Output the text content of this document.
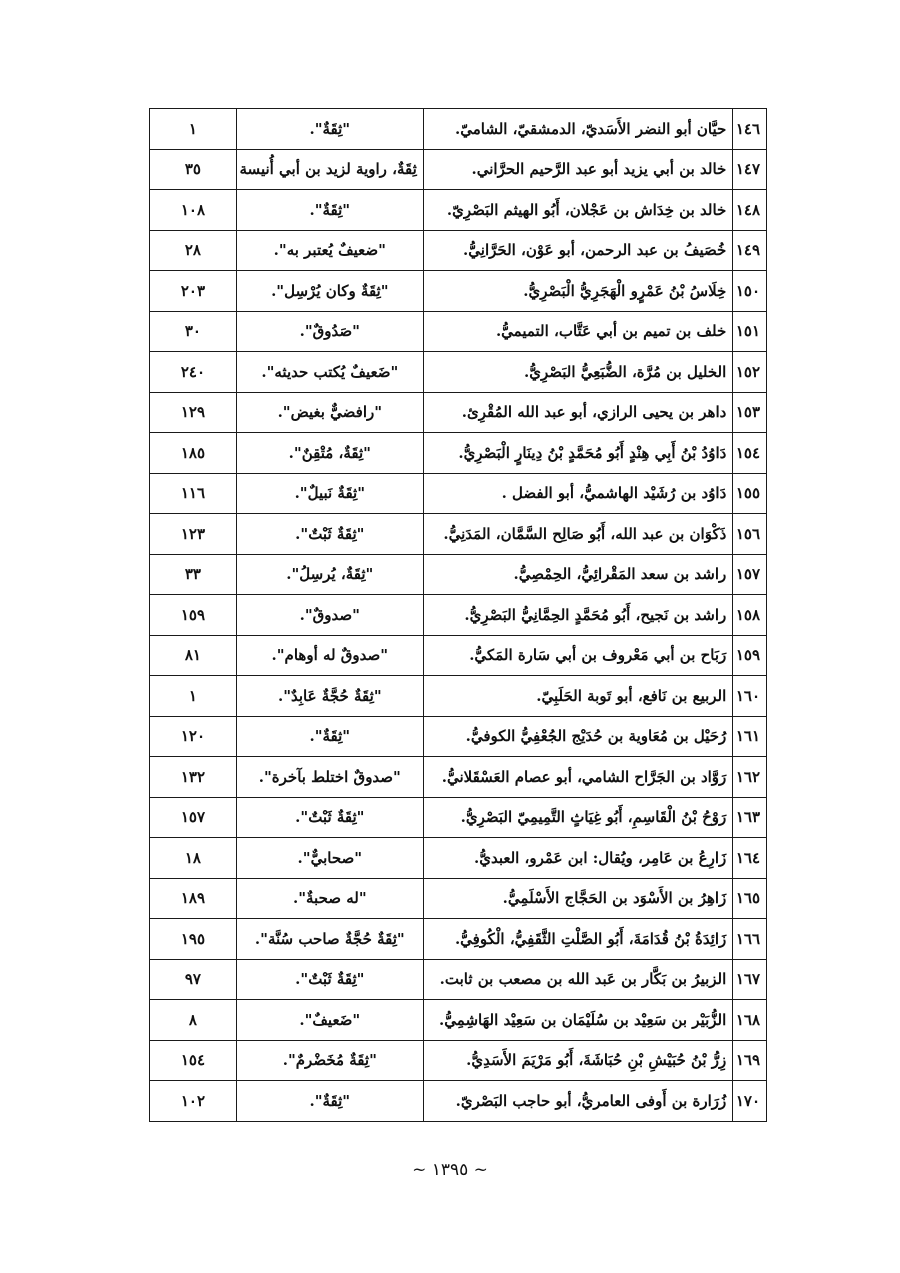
١٤٦	حيَّان أبو النضر الأَسَديّ، الدمشقيّ، الشاميّ.	"ثِقَةٌ".	١
١٤٧	خالد بن أبي يزيد أبو عبد الرَّحيم الحرَّاني.	ثِقَةٌ، راوية لزيد بن أبي أُنيسة	٣٥
١٤٨	خالد بن خِدَاش بن عَجْلان، أَبُو الهيثم البَصْرِيّ.	"ثِقَةٌ".	١٠٨
١٤٩	خُصَيفُ بن عبد الرحمن، أبو عَوْن، الحَرَّانِيُّ.	"ضعيفٌ يُعتبر به".	٢٨
١٥٠	خِلَاسُ بْنُ عَمْرٍو الْهَجَرِيُّ الْبَصْرِيُّ.	"ثِقَةٌ وكان يُرْسِل".	٢٠٣
١٥١	خلف بن تميم بن أبي عَتَّاب، التميميُّ.	"صَدُوقٌ".	٣٠
١٥٢	الخليل بن مُرَّة، الضُّبَعِيُّ البَصْرِيُّ.	"ضَعيفٌ يُكتب حديثه".	٢٤٠
١٥٣	داهر بن يحيى الرازي، أبو عبد الله المُقْرِئ.	"رافضيٌّ بغيض".	١٢٩
١٥٤	دَاوُدُ بْنُ أَبِي هِنْدٍ أَبُو مُحَمَّدٍ بْنُ دِينَارٍ الْبَصْرِيُّ.	"ثِقَةٌ، مُتْقِنٌ".	١٨٥
١٥٥	دَاوُد بن رُشَيْد الهاشميُّ، أبو الفضل .	"ثِقَةٌ نَبيلٌ".	١١٦
١٥٦	ذَكْوَان بن عبد الله، أَبُو صَالِح السَّمَّان، المَدَنِيُّ.	"ثِقَةٌ ثَبْتٌ".	١٢٣
١٥٧	راشد بن سعد المَقْرائِيُّ، الحِمْصِيُّ.	"ثِقَةٌ، يُرسِلُ".	٣٣
١٥٨	راشد بن نَجيح، أَبُو مُحَمَّدٍ الحِمَّانِيُّ البَصْرِيُّ.	"صدوقٌ".	١٥٩
١٥٩	رَبَاح بن أبي مَعْروف بن أبي سَارة المَكيُّ.	"صدوقٌ له أوهام".	٨١
١٦٠	الربيع بن نَافع، أبو تَوبة الحَلَبِيّ.	"ثِقَةٌ حُجَّةٌ عَابِدٌ".	١
١٦١	رُحَيْل بن مُعَاوية بن حُدَيْج الجُعْفِيُّ الكوفيُّ.	"ثِقَةٌ".	١٢٠
١٦٢	رَوَّاد بن الجَرَّاح الشامي، أبو عصام العَسْقَلانيُّ.	"صدوقٌ اختلط بآخرة".	١٣٢
١٦٣	رَوْحُ بْنُ الْقَاسِمِ، أَبُو غِيَاثٍ التَّمِيمِيّ البَصْرِيُّ.	"ثِقَةٌ ثَبْتٌ".	١٥٧
١٦٤	زَارِعُ بن عَامِر، ويُقال: ابن عَمْرو، العبديُّ.	"صحابيٌّ".	١٨
١٦٥	زَاهِرُ بن الأَسْوَد بن الحَجَّاج الأَسْلَمِيُّ.	"له صحبةٌ".	١٨٩
١٦٦	زَائِدَةُ بْنُ قُدَامَةَ، أَبُو الصَّلْتِ الثَّقَفِيُّ، الْكُوفِيُّ.	"ثِقَةٌ حُجَّةٌ صاحب سُنَّة".	١٩٥
١٦٧	الزبيرُ بن بَكَّار بن عَبد الله بن مصعب بن ثابت.	"ثِقَةٌ ثَبْتٌ".	٩٧
١٦٨	الزُّبَيْر بن سَعِيْد بن سُلَيْمَان بن سَعِيْد الهَاشِمِيُّ.	"ضَعيفٌ".	٨
١٦٩	زِرُّ بْنُ حُبَيْشِ بْنِ حُبَاشَةَ، أَبُو مَرْيَمَ الأَسَدِيُّ.	"ثِقَةٌ مُخَضْرمٌ".	١٥٤
١٧٠	زُرَارة بن أَوفى العامريُّ، أبو حاجب البَصْريّ.	"ثِقَةٌ".	١٠٢
~ ١٣٩٥ ~
